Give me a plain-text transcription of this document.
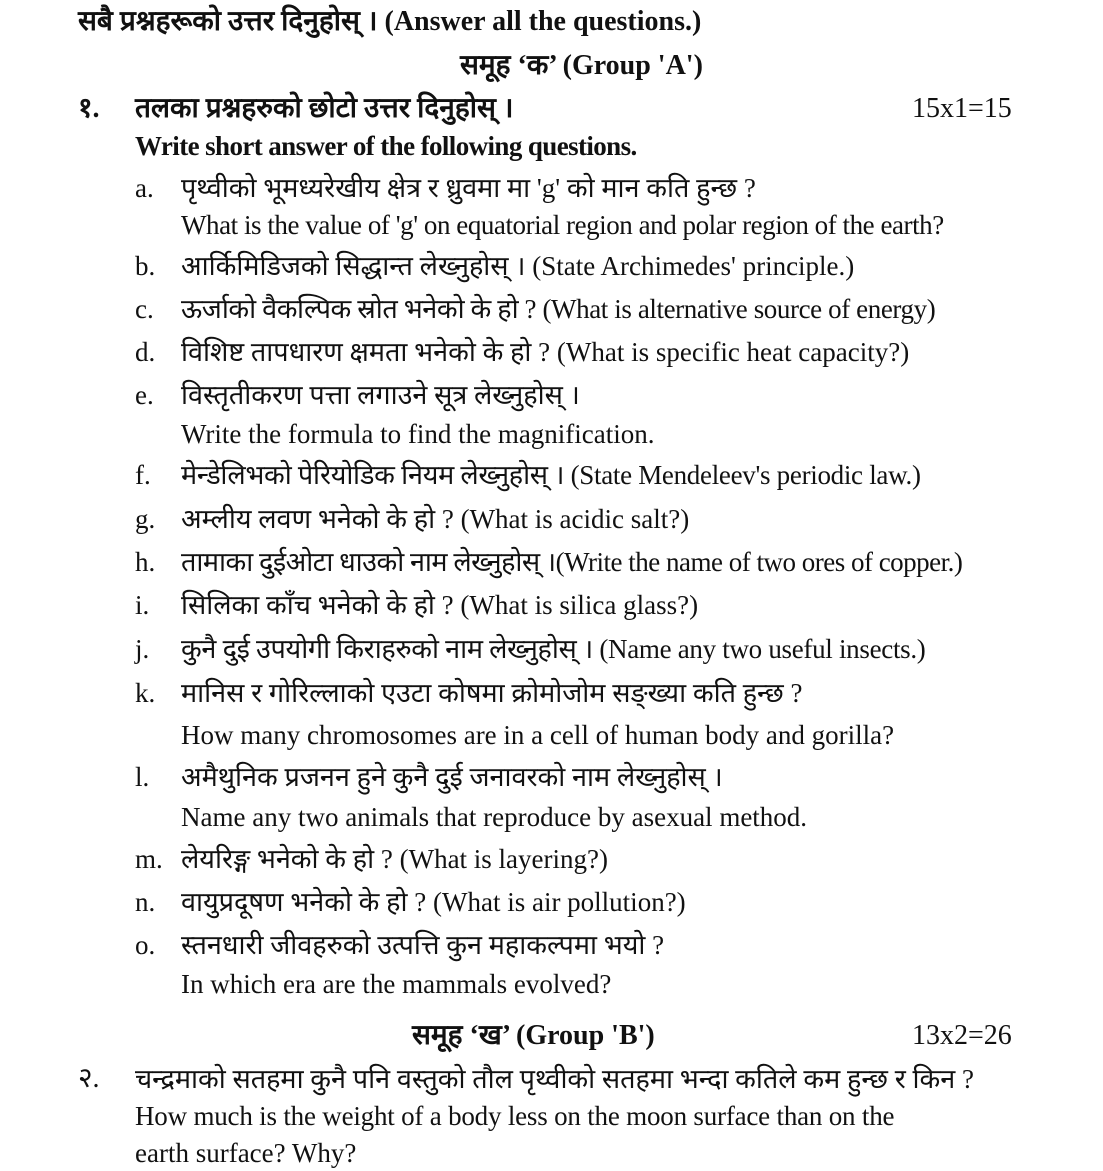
सबै प्रश्नहरूको उत्तर दिनुहोस् । (Answer all the questions.)
समूह ‘क’ (Group 'A')
१. तलका प्रश्नहरुको छोटो उत्तर दिनुहोस् ।	15x1=15
Write short answer of the following questions.
a. पृथ्वीको भूमध्यरेखीय क्षेत्र र ध्रुवमा मा 'g' को मान कति हुन्छ ?
What is the value of 'g' on equatorial region and polar region of the earth?
b. आर्किमिडिजको सिद्धान्त लेख्नुहोस् । (State Archimedes' principle.)
c. ऊर्जाको वैकल्पिक स्रोत भनेको के हो ? (What is alternative source of energy)
d. विशिष्ट तापधारण क्षमता भनेको के हो ? (What is specific heat capacity?)
e. विस्तृतीकरण पत्ता लगाउने सूत्र लेख्नुहोस् ।
Write the formula to find the magnification.
f. मेन्डेलिभको पेरियोडिक नियम लेख्नुहोस् । (State Mendeleev's periodic law.)
g. अम्लीय लवण भनेको के हो ? (What is acidic salt?)
h. तामाका दुईओटा धाउको नाम लेख्नुहोस् ।(Write the name of two ores of copper.)
i. सिलिका काँच भनेको के हो ? (What is silica glass?)
j. कुनै दुई उपयोगी किराहरुको नाम लेख्नुहोस् । (Name any two useful insects.)
k. मानिस र गोरिल्लाको एउटा कोषमा क्रोमोजोम सङ्ख्या कति हुन्छ ?
How many chromosomes are in a cell of human body and gorilla?
l. अमैथुनिक प्रजनन हुने कुनै दुई जनावरको नाम लेख्नुहोस् ।
Name any two animals that reproduce by asexual method.
m. लेयरिङ्ग भनेको के हो ? (What is layering?)
n. वायुप्रदूषण भनेको के हो ? (What is air pollution?)
o. स्तनधारी जीवहरुको उत्पत्ति कुन महाकल्पमा भयो ?
In which era are the mammals evolved?
समूह ‘ख’ (Group 'B')	13x2=26
२. चन्द्रमाको सतहमा कुनै पनि वस्तुको तौल पृथ्वीको सतहमा भन्दा कतिले कम हुन्छ र किन ?
How much is the weight of a body less on the moon surface than on the
earth surface? Why?
